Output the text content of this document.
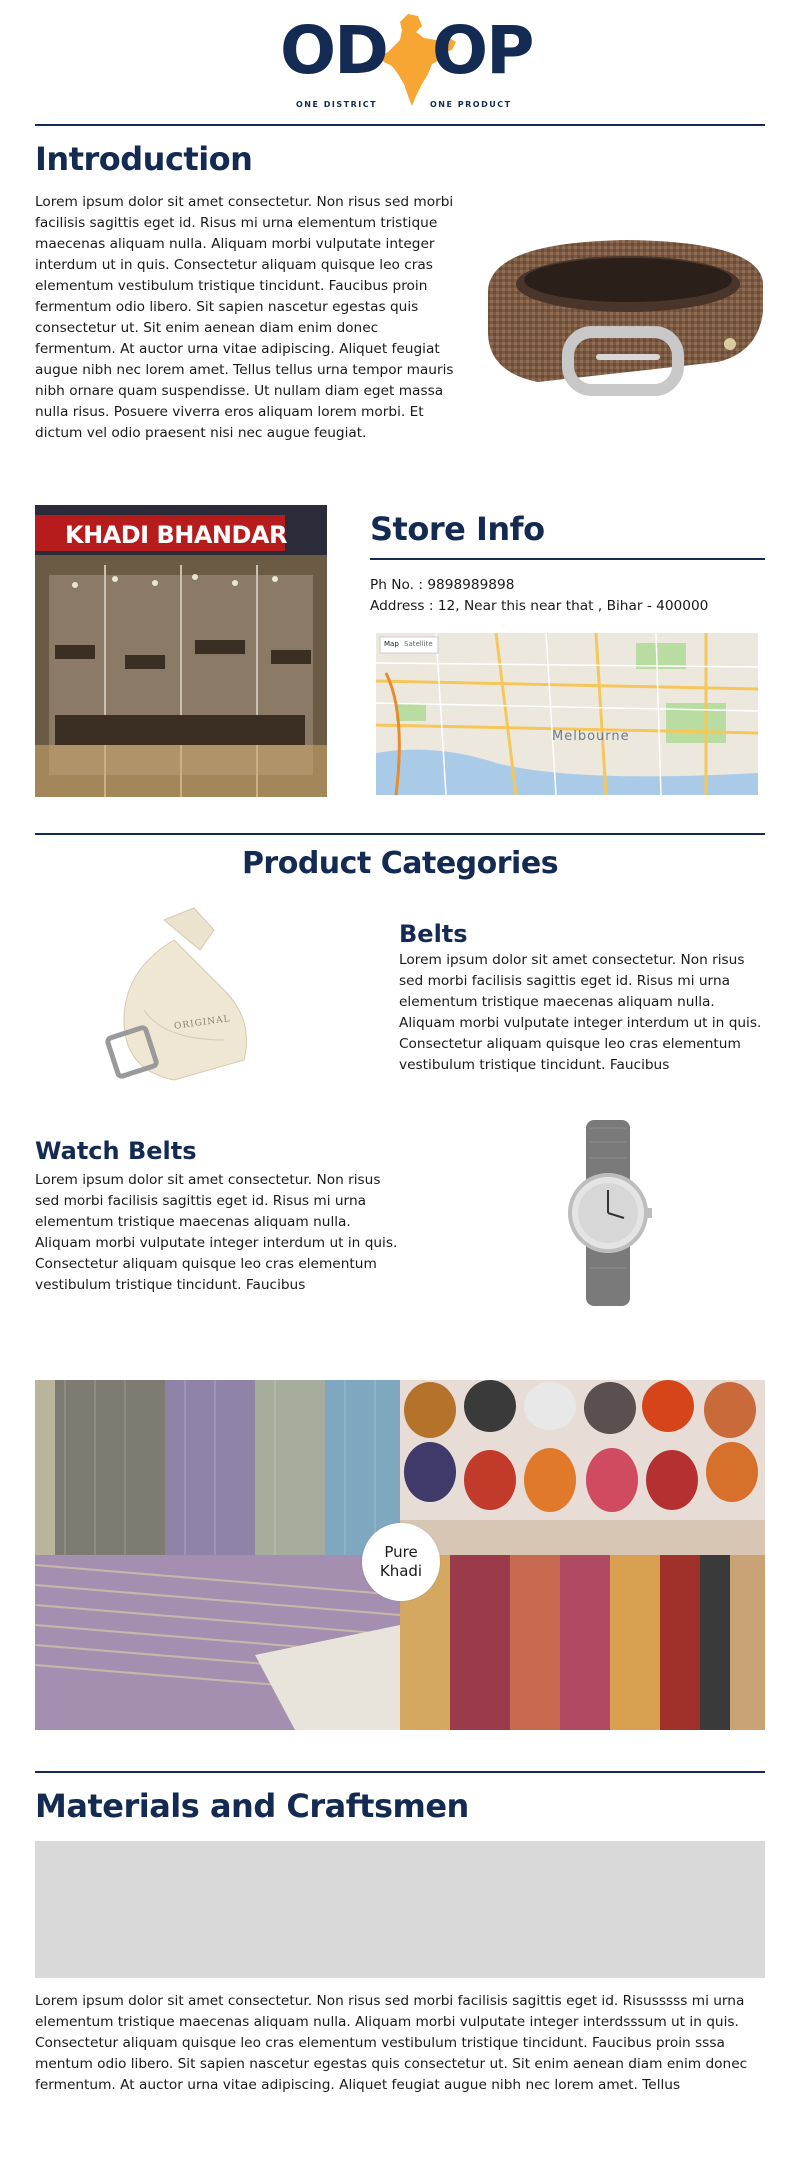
OD OP
ONE DISTRICT	ONE PRODUCT
Introduction
Lorem ipsum dolor sit amet consectetur. Non risus sed morbi facilisis sagittis eget id. Risus mi urna elementum tristique maecenas aliquam nulla. Aliquam morbi vulputate integer interdum ut in quis. Consectetur aliquam quisque leo cras elementum vestibulum tristique tincidunt. Faucibus proin fermentum odio libero. Sit sapien nascetur egestas quis consectetur ut. Sit enim aenean diam enim donec fermentum. At auctor urna vitae adipiscing. Aliquet feugiat augue nibh nec lorem amet. Tellus tellus urna tempor mauris nibh ornare quam suspendisse. Ut nullam diam eget massa nulla risus. Posuere viverra eros aliquam lorem morbi. Et dictum vel odio praesent nisi nec augue feugiat.
KHADI BHANDAR	Store Info
Ph No. : 9898989898
Address : 12, Near this near that , Bihar - 400000
Map Satellite
Melbourne
Product Categories
ORIGINAL
Belts
Lorem ipsum dolor sit amet consectetur. Non risus sed morbi facilisis sagittis eget id. Risus mi urna elementum tristique maecenas aliquam nulla. Aliquam morbi vulputate integer interdum ut in quis. Consectetur aliquam quisque leo cras elementum vestibulum tristique tincidunt. Faucibus
Watch Belts
Lorem ipsum dolor sit amet consectetur. Non risus sed morbi facilisis sagittis eget id. Risus mi urna elementum tristique maecenas aliquam nulla. Aliquam morbi vulputate integer interdum ut in quis. Consectetur aliquam quisque leo cras elementum vestibulum tristique tincidunt. Faucibus
Pure
Khadi
Materials and Craftsmen
Lorem ipsum dolor sit amet consectetur. Non risus sed morbi facilisis sagittis eget id. Risusssss mi urna elementum tristique maecenas aliquam nulla. Aliquam morbi vulputate integer interdsssum ut in quis. Consectetur aliquam quisque leo cras elementum vestibulum tristique tincidunt. Faucibus proin sssa mentum odio libero. Sit sapien nascetur egestas quis consectetur ut. Sit enim aenean diam enim donec fermentum. At auctor urna vitae adipiscing. Aliquet feugiat augue nibh nec lorem amet. Tellus
